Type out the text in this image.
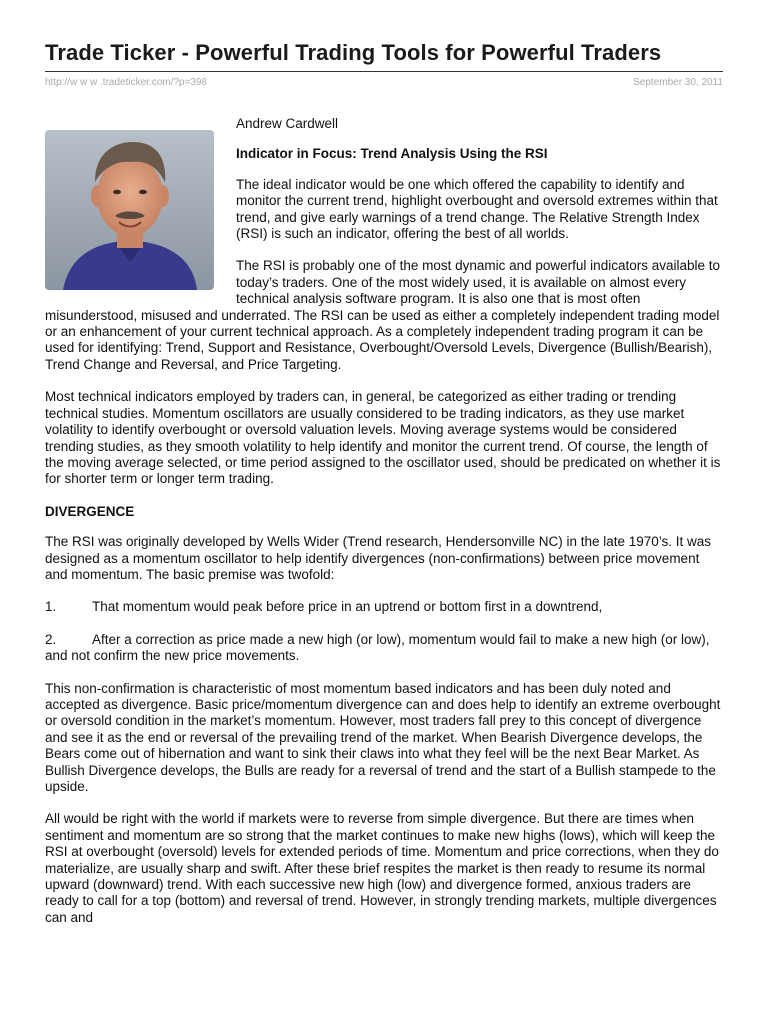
Trade Ticker - Powerful Trading Tools for Powerful Traders
http://w w w .tradeticker.com/?p=398	September 30, 2011

Andrew Cardwell

Indicator in Focus: Trend Analysis Using the RSI

The ideal indicator would be one which offered the capability to identify and monitor the current trend, highlight overbought and oversold extremes within that trend, and give early warnings of a trend change. The Relative Strength Index (RSI) is such an indicator, offering the best of all worlds.

The RSI is probably one of the most dynamic and powerful indicators available to today’s traders. One of the most widely used, it is available on almost every technical analysis software program. It is also one that is most often misunderstood, misused and underrated. The RSI can be used as either a completely independent trading model or an enhancement of your current technical approach. As a completely independent trading program it can be used for identifying: Trend, Support and Resistance, Overbought/Oversold Levels, Divergence (Bullish/Bearish), Trend Change and Reversal, and Price Targeting.

Most technical indicators employed by traders can, in general, be categorized as either trading or trending technical studies. Momentum oscillators are usually considered to be trading indicators, as they use market volatility to identify overbought or oversold valuation levels. Moving average systems would be considered trending studies, as they smooth volatility to help identify and monitor the current trend. Of course, the length of the moving average selected, or time period assigned to the oscillator used, should be predicated on whether it is for shorter term or longer term trading.

DIVERGENCE

The RSI was originally developed by Wells Wider (Trend research, Hendersonville NC) in the late 1970’s. It was designed as a momentum oscillator to help identify divergences (non-confirmations) between price movement and momentum. The basic premise was twofold:

1.	That momentum would peak before price in an uptrend or bottom first in a downtrend,

2.	After a correction as price made a new high (or low), momentum would fail to make a new high (or low), and not confirm the new price movements.

This non-confirmation is characteristic of most momentum based indicators and has been duly noted and accepted as divergence. Basic price/momentum divergence can and does help to identify an extreme overbought or oversold condition in the market’s momentum. However, most traders fall prey to this concept of divergence and see it as the end or reversal of the prevailing trend of the market. When Bearish Divergence develops, the Bears come out of hibernation and want to sink their claws into what they feel will be the next Bear Market. As Bullish Divergence develops, the Bulls are ready for a reversal of trend and the start of a Bullish stampede to the upside.

All would be right with the world if markets were to reverse from simple divergence. But there are times when sentiment and momentum are so strong that the market continues to make new highs (lows), which will keep the RSI at overbought (oversold) levels for extended periods of time. Momentum and price corrections, when they do materialize, are usually sharp and swift. After these brief respites the market is then ready to resume its normal upward (downward) trend. With each successive new high (low) and divergence formed, anxious traders are ready to call for a top (bottom) and reversal of trend. However, in strongly trending markets, multiple divergences can and
